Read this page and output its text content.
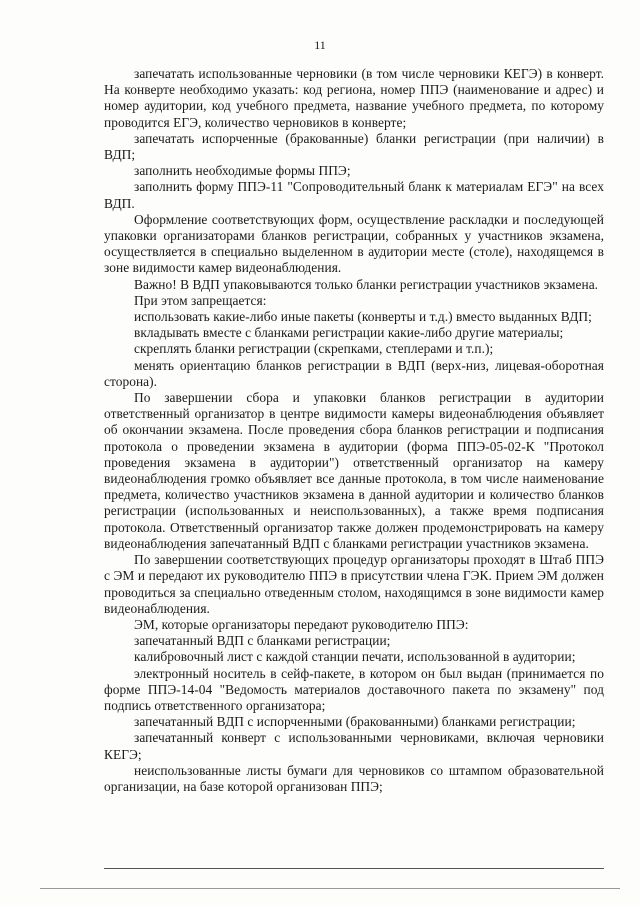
11

запечатать использованные черновики (в том числе черновики КЕГЭ) в конверт. На конверте необходимо указать: код региона, номер ППЭ (наименование и адрес) и номер аудитории, код учебного предмета, название учебного предмета, по которому проводится ЕГЭ, количество черновиков в конверте;

запечатать испорченные (бракованные) бланки регистрации (при наличии) в ВДП;

заполнить необходимые формы ППЭ;

заполнить форму ППЭ-11 "Сопроводительный бланк к материалам ЕГЭ" на всех ВДП.

Оформление соответствующих форм, осуществление раскладки и последующей упаковки организаторами бланков регистрации, собранных у участников экзамена, осуществляется в специально выделенном в аудитории месте (столе), находящемся в зоне видимости камер видеонаблюдения.

Важно! В ВДП упаковываются только бланки регистрации участников экзамена.

При этом запрещается:

использовать какие-либо иные пакеты (конверты и т.д.) вместо выданных ВДП;

вкладывать вместе с бланками регистрации какие-либо другие материалы;

скреплять бланки регистрации (скрепками, степлерами и т.п.);

менять ориентацию бланков регистрации в ВДП (верх-низ, лицевая-оборотная сторона).

По завершении сбора и упаковки бланков регистрации в аудитории ответственный организатор в центре видимости камеры видеонаблюдения объявляет об окончании экзамена. После проведения сбора бланков регистрации и подписания протокола о проведении экзамена в аудитории (форма ППЭ-05-02-К "Протокол проведения экзамена в аудитории") ответственный организатор на камеру видеонаблюдения громко объявляет все данные протокола, в том числе наименование предмета, количество участников экзамена в данной аудитории и количество бланков регистрации (использованных и неиспользованных), а также время подписания протокола. Ответственный организатор также должен продемонстрировать на камеру видеонаблюдения запечатанный ВДП с бланками регистрации участников экзамена.

По завершении соответствующих процедур организаторы проходят в Штаб ППЭ с ЭМ и передают их руководителю ППЭ в присутствии члена ГЭК. Прием ЭМ должен проводиться за специально отведенным столом, находящимся в зоне видимости камер видеонаблюдения.

ЭМ, которые организаторы передают руководителю ППЭ:

запечатанный ВДП с бланками регистрации;

калибровочный лист с каждой станции печати, использованной в аудитории;

электронный носитель в сейф-пакете, в котором он был выдан (принимается по форме ППЭ-14-04 "Ведомость материалов доставочного пакета по экзамену" под подпись ответственного организатора;

запечатанный ВДП с испорченными (бракованными) бланками регистрации;

запечатанный конверт с использованными черновиками, включая черновики КЕГЭ;

неиспользованные листы бумаги для черновиков со штампом образовательной организации, на базе которой организован ППЭ;
